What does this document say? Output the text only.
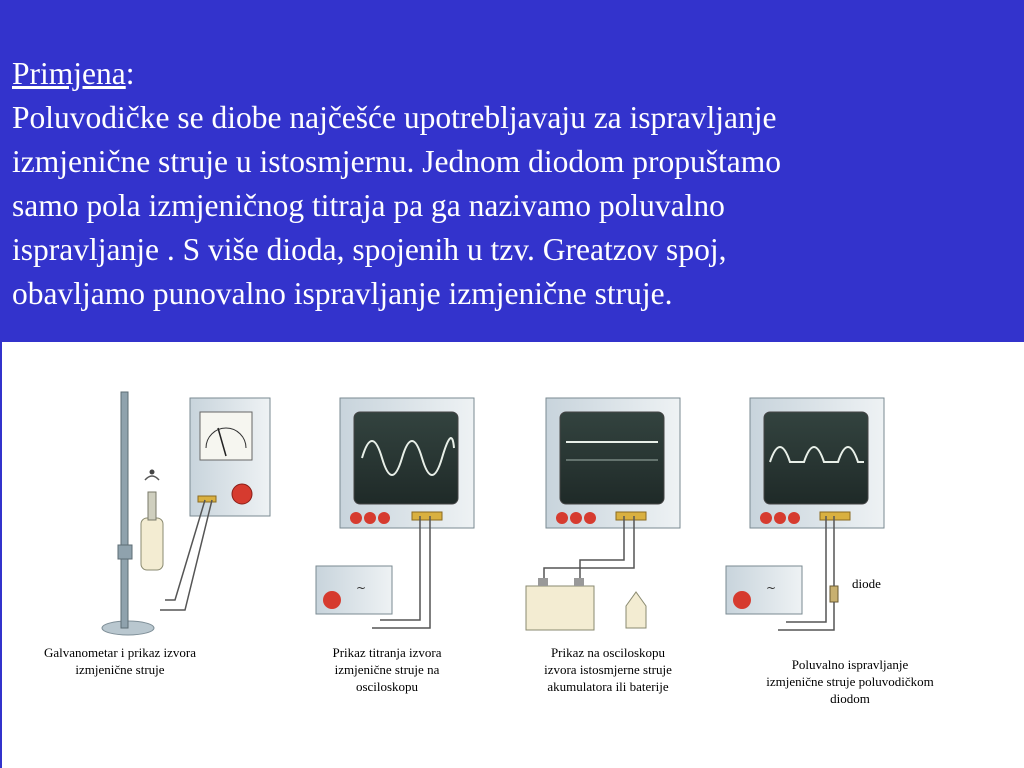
Primjena:
Poluvodičke se diobe najčešće upotrebljavaju za ispravljanje
izmjenične struje u istosmjernu. Jednom diodom propuštamo
samo pola izmjeničnog titraja pa ga nazivamo poluvalno
ispravljanje . S više dioda, spojenih u tzv. Greatzov spoj,
obavljamo punovalno ispravljanje izmjenične struje.
~	~	diode
Galvanometar i prikaz izvora
izmjenične struje
Prikaz titranja izvora
izmjenične struje na
osciloskopu
Prikaz na osciloskopu
izvora istosmjerne struje
akumulatora ili baterije
Poluvalno ispravljanje
izmjenične struje poluvodičkom
diodom
